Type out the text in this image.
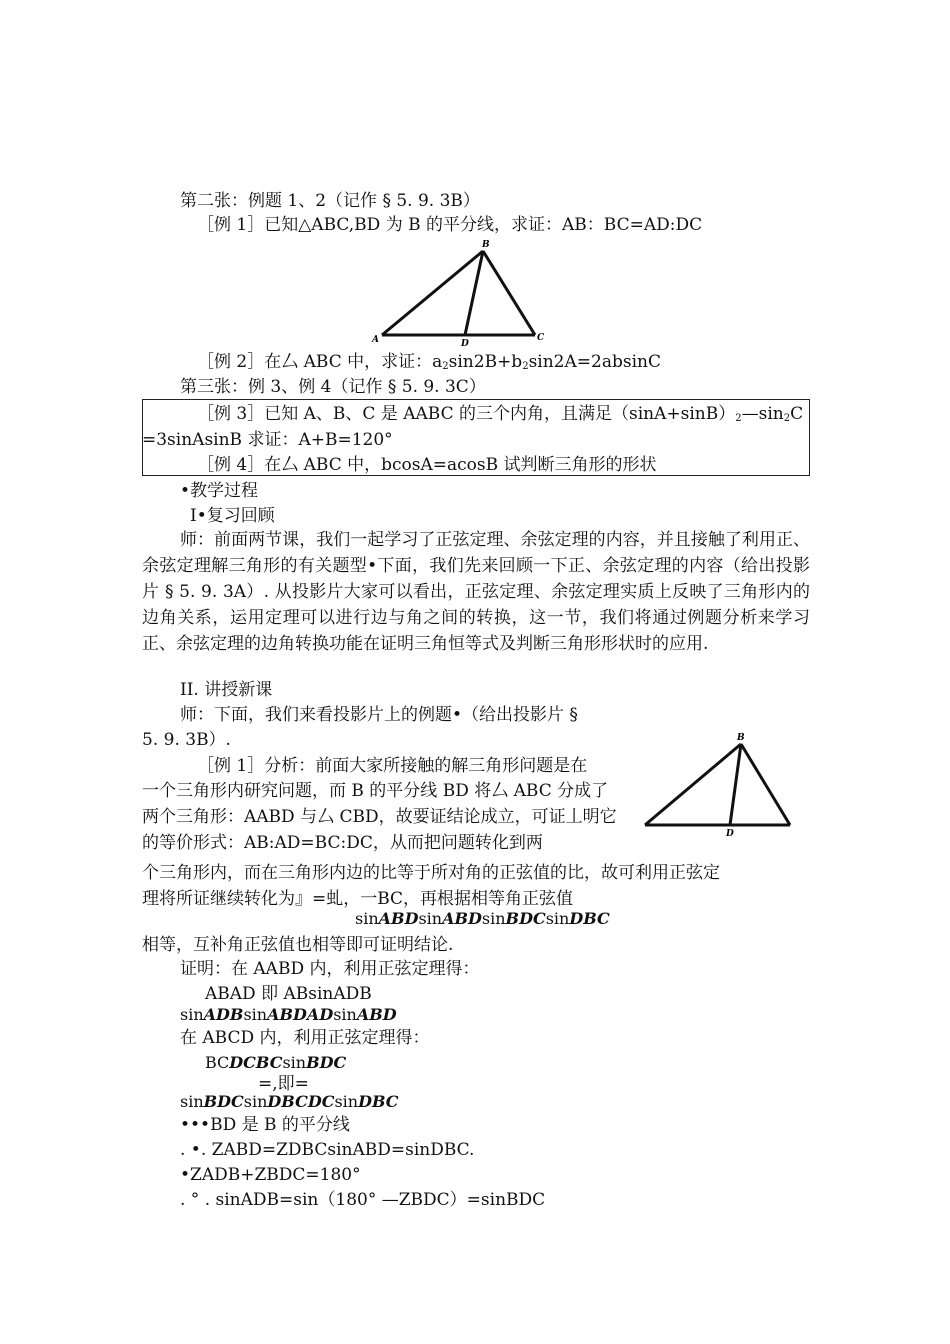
第二张：例题 1、2（记作 § 5. 9. 3B）
［例 1］已知△ABC,BD 为 B 的平分线，求证：AB：BC=AD:DC
B
A	D
C
［例 2］在厶 ABC 中，求证：$a_2\sin 2B+b_2\sin 2A=2absinC$
第三张：例 3、例 4（记作 § 5. 9. 3C）
［例 3］已知 A、B、C 是 AABC 的三个内角，且满足$(\sin A+\sin B)_2—\sin_2C$
=3sinAsinB 求证：A+B=120°
［例 4］在厶 ABC 中，bcosA=acosB 试判断三角形的形状
•教学过程
I•复习回顾
师：前面两节课，我们一起学习了正弦定理、余弦定理的内容，并且接触了利用正、余弦定理解三角形的有关题型•下面，我们先来回顾一下正、余弦定理的内容（给出投影片 § 5. 9. 3A）. 从投影片大家可以看出，正弦定理、余弦定理实质上反映了三角形内的边角关系，运用定理可以进行边与角之间的转换，这一节，我们将通过例题分析来学习正、余弦定理的边角转换功能在证明三角恒等式及判断三角形形状时的应用.
II. 讲授新课
师：下面，我们来看投影片上的例题•（给出投影片 §
5. 9. 3B）.
［例 1］分析：前面大家所接触的解三角形问题是在
一个三角形内研究问题，而 B 的平分线 BD 将厶 ABC 分成了
两个三角形：AABD 与厶 CBD，故要证结论成立，可证丄明它
的等价形式：AB:AD=BC:DC，从而把问题转化到两
B
D
个三角形内，而在三角形内边的比等于所对角的正弦值的比，故可利用正弦定
理将所证继续转化为』=虬，一BC，再根据相等角正弦值
sinABDsinABDsinBDCsinDBC
相等，互补角正弦值也相等即可证明结论.
证明：在 AABD 内，利用正弦定理得：
ABAD 即 ABsinADB
sinADBsinABDADsinABD
在 ABCD 内，利用正弦定理得：
BCDCBCsinBDC
=,即=
sinBDCsinDBCDCsinDBC
•••BD 是 B 的平分线
. •. ZABD=ZDBCsinABD=sinDBC.
•ZADB+ZBDC=180°
. ° . sinADB=sin（180° —ZBDC）=sinBDC
